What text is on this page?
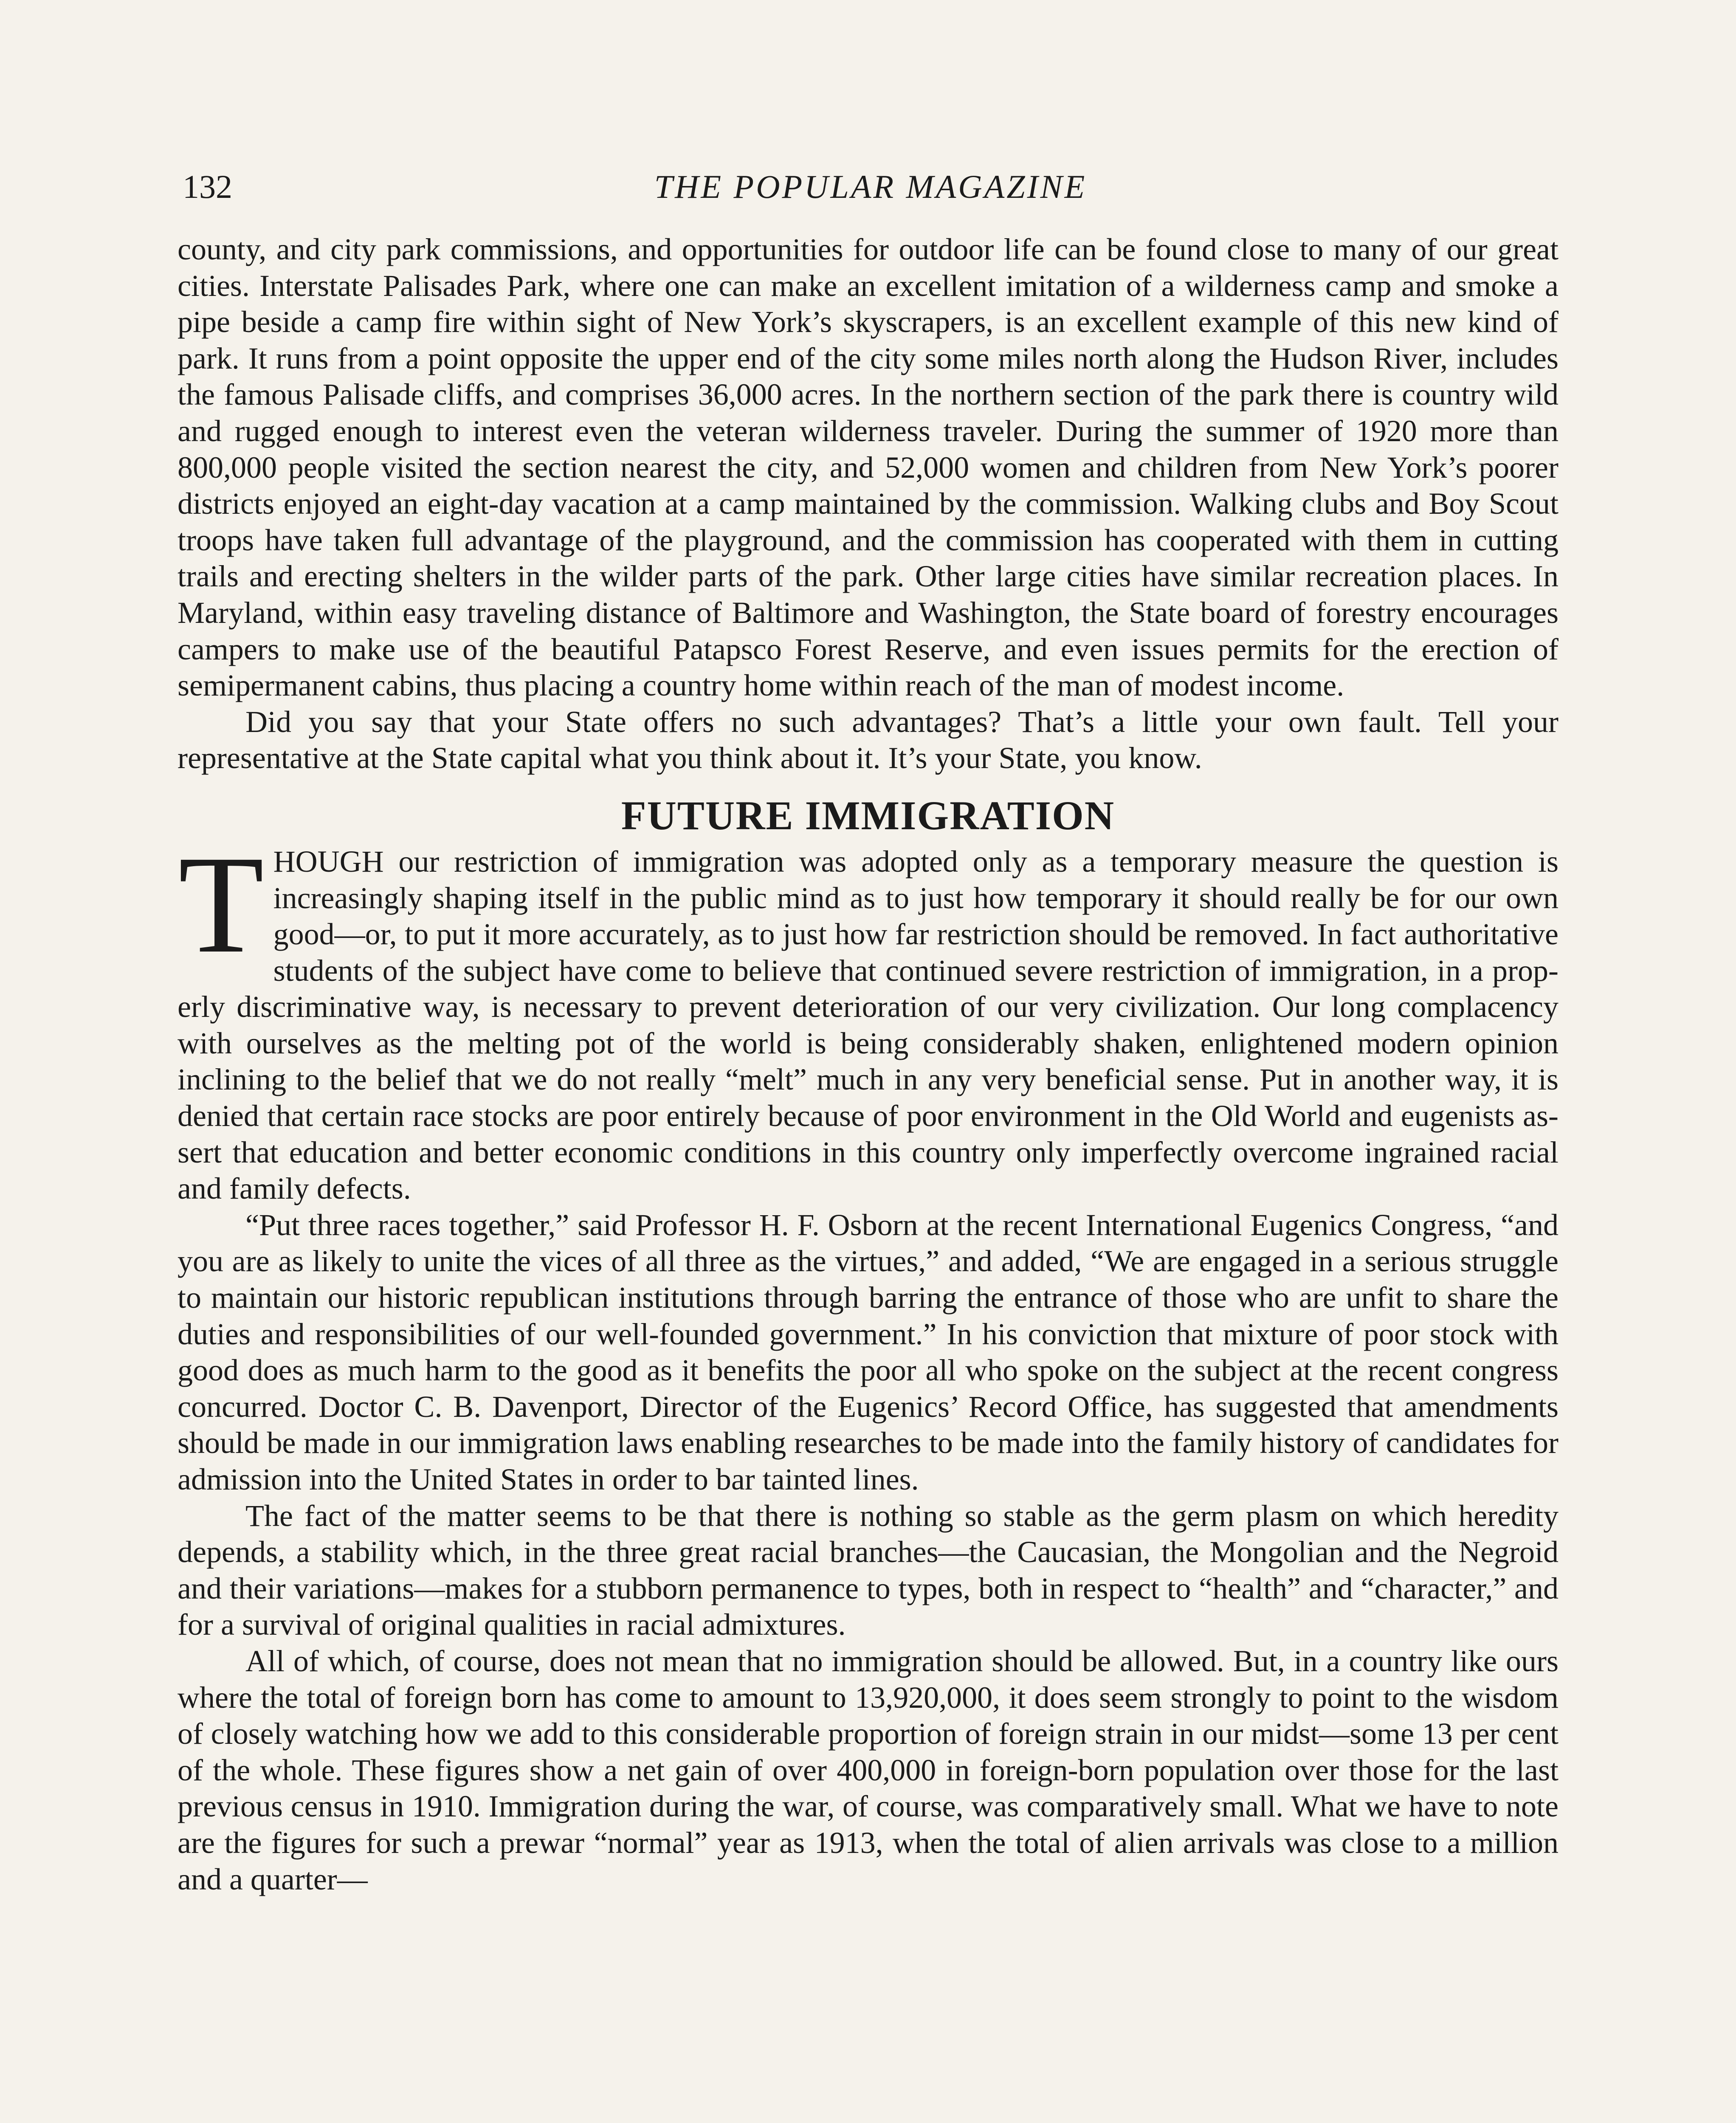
132	THE POPULAR MAGAZINE

county, and city park commissions, and opportunities for outdoor life can be found close to many of our great cities. Interstate Palisades Park, where one can make an excellent imitation of a wilderness camp and smoke a pipe beside a camp fire within sight of New York’s skyscrapers, is an excellent example of this new kind of park. It runs from a point opposite the upper end of the city some miles north along the Hudson River, includes the famous Palisade cliffs, and comprises 36,000 acres. In the northern section of the park there is country wild and rugged enough to interest even the veteran wilderness traveler. During the summer of 1920 more than 800,000 people visited the section nearest the city, and 52,000 women and children from New York’s poorer districts enjoyed an eight-day vacation at a camp maintained by the commission. Walking clubs and Boy Scout troops have taken full advantage of the playground, and the commission has cooperated with them in cutting trails and erecting shelters in the wilder parts of the park. Other large cities have similar recreation places. In Maryland, within easy traveling distance of Baltimore and Washington, the State board of forestry encourages campers to make use of the beautiful Patapsco Forest Reserve, and even issues permits for the erection of semipermanent cabins, thus placing a country home within reach of the man of modest income.

Did you say that your State offers no such advantages? That’s a little your own fault. Tell your representative at the State capital what you think about it. It’s your State, you know.

FUTURE IMMIGRATION

THOUGH our restriction of immigration was adopted only as a temporary measure the question is increasingly shaping itself in the public mind as to just how temporary it should really be for our own good—or, to put it more accurately, as to just how far restriction should be removed. In fact authoritative students of the subject have come to believe that continued severe restriction of immigration, in a properly discriminative way, is necessary to prevent deterioration of our very civilization. Our long complacency with ourselves as the melting pot of the world is being considerably shaken, enlightened modern opinion inclining to the belief that we do not really “melt” much in any very beneficial sense. Put in another way, it is denied that certain race stocks are poor entirely because of poor environment in the Old World and eugenists assert that education and better economic conditions in this country only imperfectly overcome ingrained racial and family defects.

“Put three races together,” said Professor H. F. Osborn at the recent International Eugenics Congress, “and you are as likely to unite the vices of all three as the virtues,” and added, “We are engaged in a serious struggle to maintain our historic republican institutions through barring the entrance of those who are unfit to share the duties and responsibilities of our well-founded government.” In his conviction that mixture of poor stock with good does as much harm to the good as it benefits the poor all who spoke on the subject at the recent congress concurred. Doctor C. B. Davenport, Director of the Eugenics’ Record Office, has suggested that amendments should be made in our immigration laws enabling researches to be made into the family history of candidates for admission into the United States in order to bar tainted lines.

The fact of the matter seems to be that there is nothing so stable as the germ plasm on which heredity depends, a stability which, in the three great racial branches—the Caucasian, the Mongolian and the Negroid and their variations—makes for a stubborn permanence to types, both in respect to “health” and “character,” and for a survival of original qualities in racial admixtures.

All of which, of course, does not mean that no immigration should be allowed. But, in a country like ours where the total of foreign born has come to amount to 13,920,000, it does seem strongly to point to the wisdom of closely watching how we add to this considerable proportion of foreign strain in our midst—some 13 per cent of the whole. These figures show a net gain of over 400,000 in foreign-born population over those for the last previous census in 1910. Immigration during the war, of course, was comparatively small. What we have to note are the figures for such a prewar “normal” year as 1913, when the total of alien arrivals was close to a million and a quarter—
